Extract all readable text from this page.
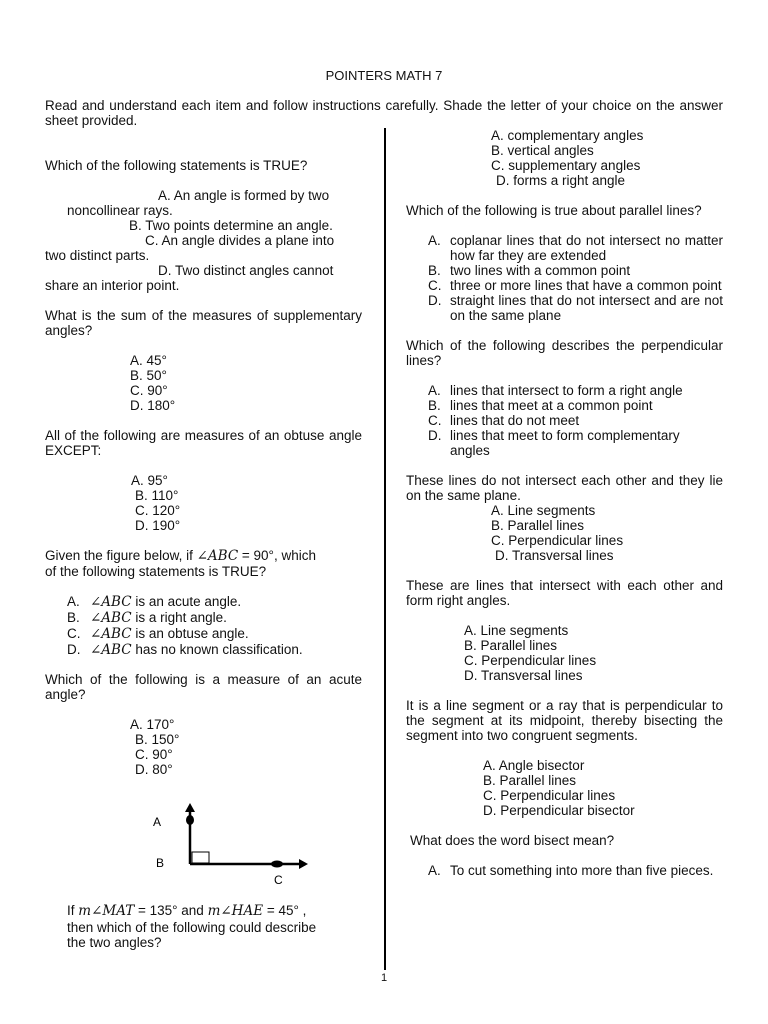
POINTERS MATH 7
Read and understand each item and follow instructions carefully. Shade the letter of your choice on the answer sheet provided.
Which of the following statements is TRUE?
A. An angle is formed by two
noncollinear rays.
B. Two points determine an angle.
C. An angle divides a plane into
two distinct parts.
D. Two distinct angles cannot
share an interior point.
What is the sum of the measures of supplementary angles?
A. 45°
B. 50°
C. 90°
D. 180°
All of the following are measures of an obtuse angle EXCEPT:
A. 95°
B. 110°
C. 120°
D. 190°
Given the figure below, if ∠ABC = 90°, which
of the following statements is TRUE?
A. ∠ABC is an acute angle.
B. ∠ABC is a right angle.
C. ∠ABC is an obtuse angle.
D. ∠ABC has no known classification.
Which of the following is a measure of an acute angle?
A. 170°
B. 150°
C. 90°
D. 80°
A
B
C
If m∠MAT = 135° and m∠HAE = 45° ,
then which of the following could describe
the two angles?
A. complementary angles
B. vertical angles
C. supplementary angles
D. forms a right angle
Which of the following is true about parallel lines?
A. coplanar lines that do not intersect no matter how far they are extended
B. two lines with a common point
C. three or more lines that have a common point
D. straight lines that do not intersect and are not on the same plane
Which of the following describes the perpendicular lines?
A. lines that intersect to form a right angle
B. lines that meet at a common point
C. lines that do not meet
D. lines that meet to form complementary angles
These lines do not intersect each other and they lie on the same plane.
A. Line segments
B. Parallel lines
C. Perpendicular lines
D. Transversal lines
These are lines that intersect with each other and form right angles.
A. Line segments
B. Parallel lines
C. Perpendicular lines
D. Transversal lines
It is a line segment or a ray that is perpendicular to the segment at its midpoint, thereby bisecting the segment into two congruent segments.
A. Angle bisector
B. Parallel lines
C. Perpendicular lines
D. Perpendicular bisector
What does the word bisect mean?
A. To cut something into more than five pieces.
1
